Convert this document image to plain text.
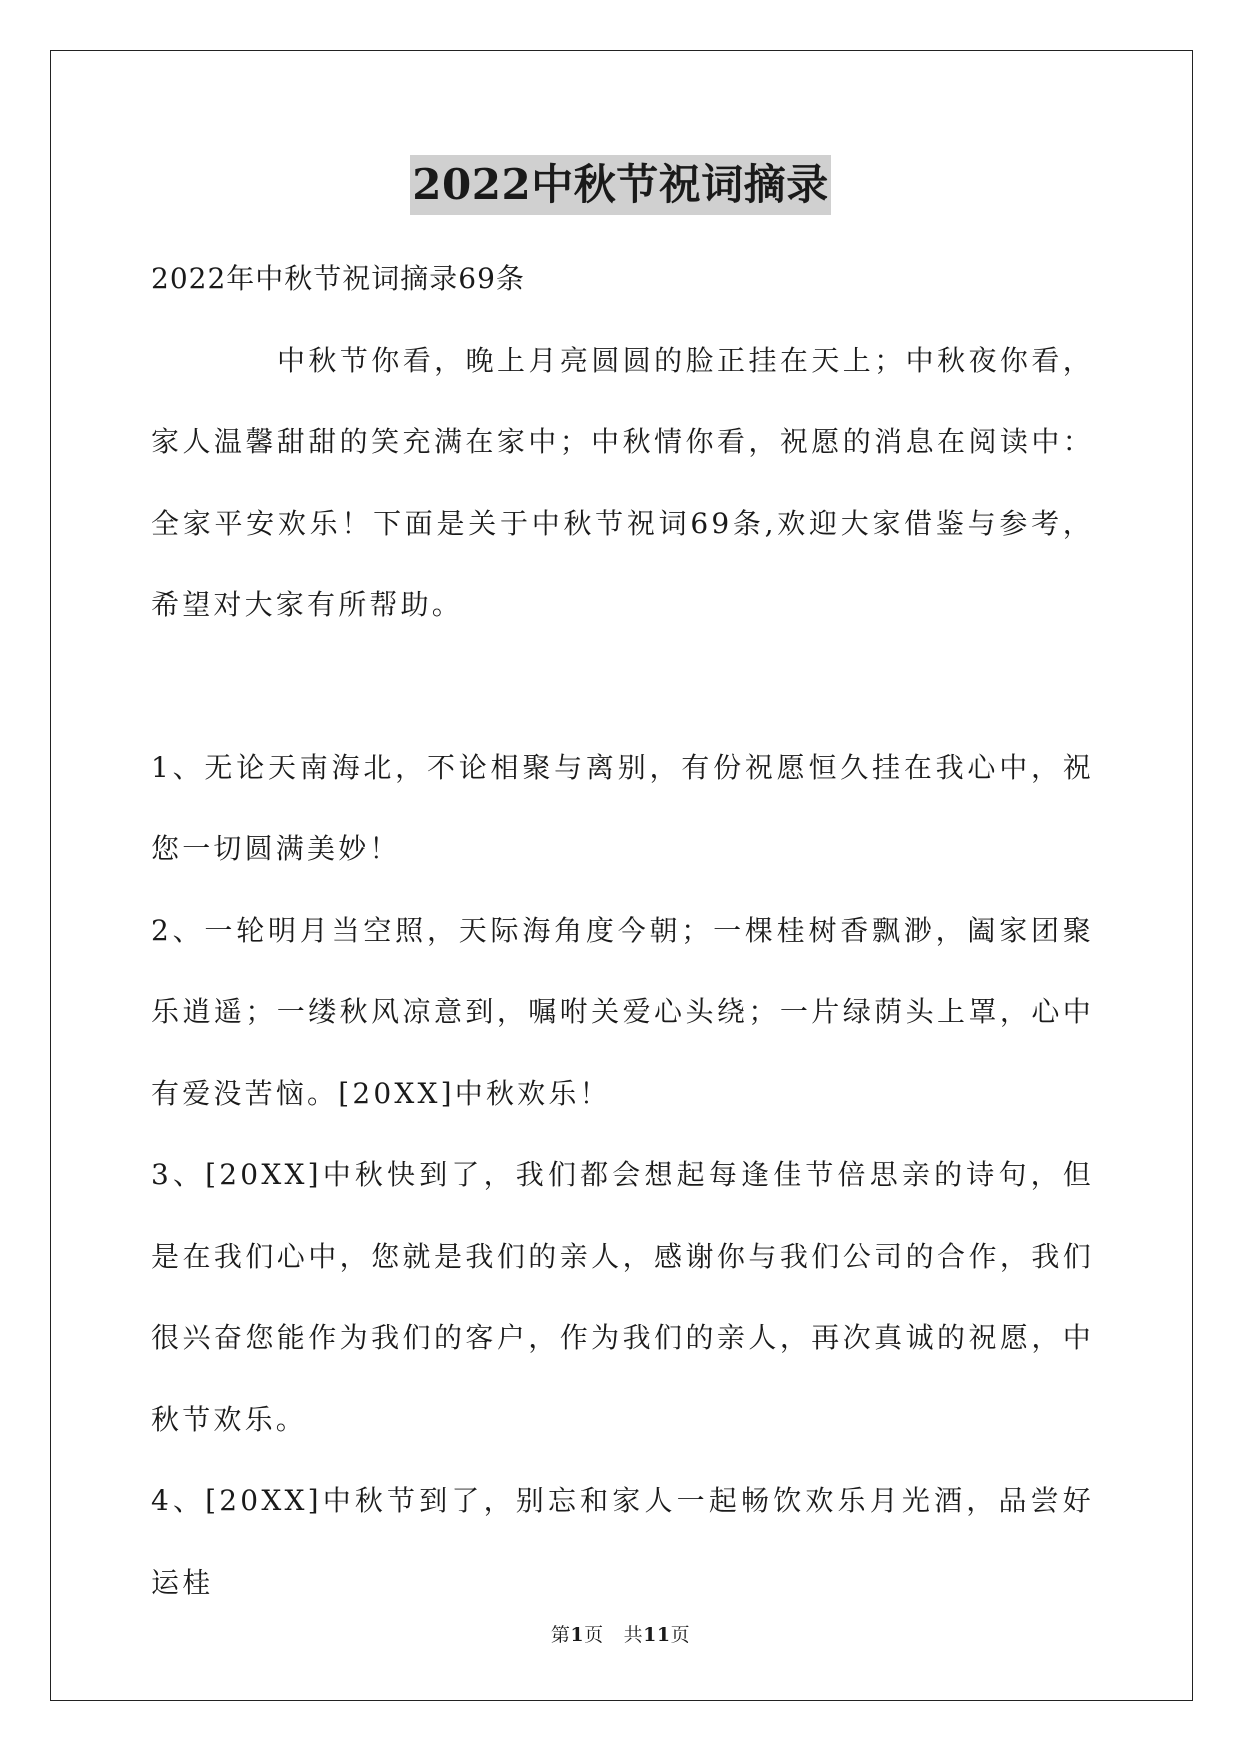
2022中秋节祝词摘录

2022年中秋节祝词摘录69条

中秋节你看，晚上月亮圆圆的脸正挂在天上；中秋夜你看，家人温馨甜甜的笑充满在家中；中秋情你看，祝愿的消息在阅读中：全家平安欢乐！下面是关于中秋节祝词69条,欢迎大家借鉴与参考，希望对大家有所帮助。

1、无论天南海北，不论相聚与离别，有份祝愿恒久挂在我心中，祝您一切圆满美妙！

2、一轮明月当空照，天际海角度今朝；一棵桂树香飘渺，阖家团聚乐逍遥；一缕秋风凉意到，嘱咐关爱心头绕；一片绿荫头上罩，心中有爱没苦恼。[20XX]中秋欢乐！

3、[20XX]中秋快到了，我们都会想起每逢佳节倍思亲的诗句，但是在我们心中，您就是我们的亲人，感谢你与我们公司的合作，我们很兴奋您能作为我们的客户，作为我们的亲人，再次真诚的祝愿，中秋节欢乐。

4、[20XX]中秋节到了，别忘和家人一起畅饮欢乐月光酒，品尝好运桂

第1页 共11页
